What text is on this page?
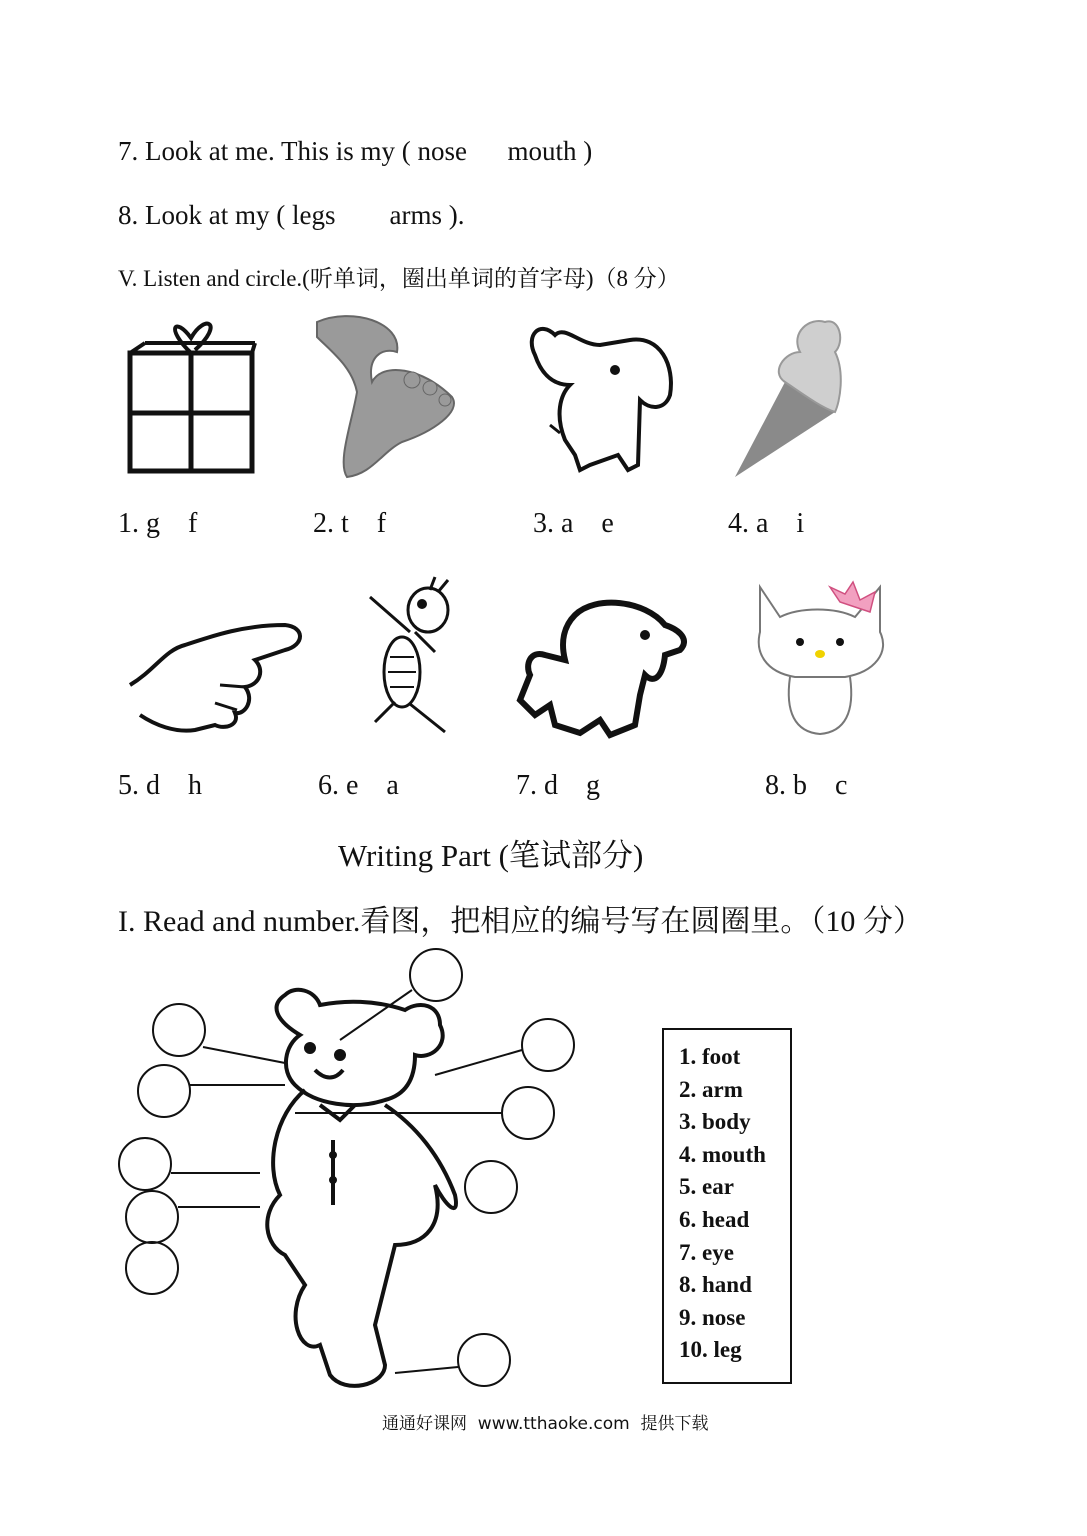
7. Look at me. This is my ( nose      mouth )
8. Look at my ( legs        arms ).
V. Listen and circle.(听单词，圈出单词的首字母)（8 分）
1. g    f	2. t    f	3. a    e	4. a    i
5. d    h	6. e    a	7. d    g	8. b    c
Writing Part (笔试部分)
I. Read and number.看图，把相应的编号写在圆圈里。（10 分）
1. foot
2. arm
3. body
4. mouth
5. ear
6. head
7. eye
8. hand
9. nose
10. leg
通通好课网  www.tthaoke.com  提供下载
